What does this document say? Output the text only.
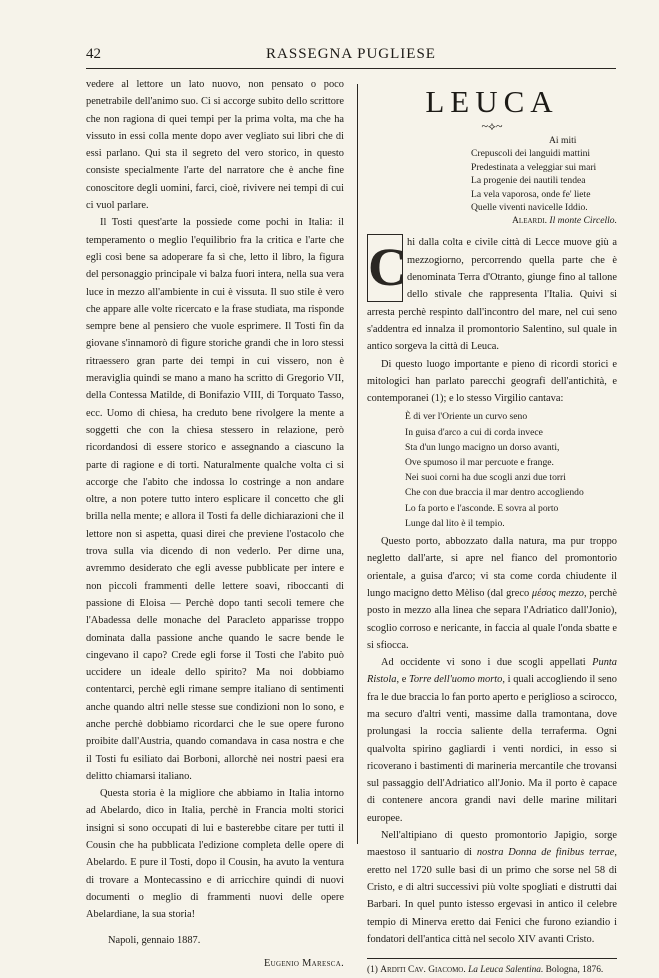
42	RASSEGNA PUGLIESE

vedere al lettore un lato nuovo, non pensato o poco penetrabile dell'animo suo. Ci si accorge subito dello scrittore che non ragiona di quei tempi per la prima volta, ma che ha vissuto in essi colla mente dopo aver vegliato sui libri che di essi parlano. Qui sta il segreto del vero storico, in questo consiste specialmente l'arte del narratore che è anche fine conoscitore degli uomini, farci, cioè, rivivere nei tempi di cui ci vuol parlare.

Il Tosti quest'arte la possiede come pochi in Italia: il temperamento o meglio l'equilibrio fra la critica e l'arte che egli così bene sa adoperare fa sì che, letto il libro, la figura del personaggio principale vi balza fuori intera, nella sua vera luce in mezzo all'ambiente in cui è vissuta. Il suo stile è vero che appare alle volte ricercato e la frase studiata, ma risponde sempre bene al pensiero che vuole esprimere. Il Tosti fin da giovane s'innamorò di figure storiche grandi che in loro stessi ritraessero gran parte dei tempi in cui vissero, non è meraviglia quindi se mano a mano ha scritto di Gregorio VII, della Contessa Matilde, di Bonifazio VIII, di Torquato Tasso, ecc. Uomo di chiesa, ha creduto bene rivolgere la mente a soggetti che con la chiesa stessero in relazione, però ricordandosi di essere storico e assegnando a ciascuno la parte di ragione e di torti. Naturalmente qualche volta ci si accorge che l'abito che indossa lo costringe a non andare oltre, a non potere tutto intero esplicare il concetto che gli brilla nella mente; e allora il Tosti fa delle dichiarazioni che il lettore non si aspetta, quasi direi che previene l'ostacolo che trova sulla via dicendo di non vederlo. Per dirne una, avremmo desiderato che egli avesse pubblicate per intere e non piccoli frammenti delle lettere soavi, riboccanti di passione di Eloisa — Perchè dopo tanti secoli temere che l'Abadessa delle monache del Paracleto apparisse troppo dominata dalla passione anche quando le sacre bende le cingevano il capo? Crede egli forse il Tosti che l'abito può uccidere un ideale dello spirito? Ma noi dobbiamo contentarci, perchè egli rimane sempre italiano di sentimenti anche quando altri nelle stesse sue condizioni non lo sono, e anche perchè dobbiamo ricordarci che le sue opere furono proibite dall'Austria, quando comandava in casa nostra e che il Tosti fu esiliato dai Borboni, allorchè nei nostri paesi era delitto chiamarsi italiano.

Questa storia è la migliore che abbiamo in Italia intorno ad Abelardo, dico in Italia, perchè in Francia molti storici insigni si sono occupati di lui e basterebbe citare per tutti il Cousin che ha pubblicata l'edizione completa delle opere di Abelardo. E pure il Tosti, dopo il Cousin, ha avuto la ventura di trovare a Montecassino e di arricchire quindi di nuovi documenti o meglio di frammenti nuovi delle opere Abelardiane, la sua storia!

Napoli, gennaio 1887.

Eugenio Maresca.

LEUCA

~⟡~

Ai miti
Crepuscoli dei languidi mattini
Predestinata a veleggiar sui mari
La progenie dei nautili tendea
La vela vaporosa, onde fe' liete
Quelle viventi navicelle Iddio.

Aleardi. Il monte Circello.

C hi dalla colta e civile città di Lecce muove giù a mezzogiorno, percorrendo quella parte che è denominata Terra d'Otranto, giunge fino al tallone dello stivale che rappresenta l'Italia. Quivi si arresta perchè respinto dall'incontro del mare, nel cui seno s'addentra ed innalza il promontorio Salentino, sul quale in antico sorgeva la città di Leuca.

Di questo luogo importante e pieno di ricordi storici e mitologici han parlato parecchi geografi dell'antichità, e contemporanei (1); e lo stesso Virgilio cantava:

È di ver l'Oriente un curvo seno
In guisa d'arco a cui di corda invece
Sta d'un lungo macigno un dorso avanti,
Ove spumoso il mar percuote e frange.
Nei suoi corni ha due scogli anzi due torri
Che con due braccia il mar dentro accogliendo
Lo fa porto e l'asconde. E sovra al porto
Lunge dal lito è il tempio.

Questo porto, abbozzato dalla natura, ma pur troppo negletto dall'arte, si apre nel fianco del promontorio orientale, a guisa d'arco; vi sta come corda chiudente il lungo macigno detto Mèliso (dal greco μέσος mezzo, perchè posto in mezzo alla linea che separa l'Adriatico dall'Jonio), scoglio corroso e nericante, in faccia al quale l'onda sbatte e si sfiocca.

Ad occidente vi sono i due scogli appellati Punta Ristola, e Torre dell'uomo morto, i quali accogliendo il seno fra le due braccia lo fan porto aperto e periglioso a scirocco, ma securo d'altri venti, massime dalla tramontana, dove prolungasi la roccia saliente della terraferma. Ogni qualvolta spirino gagliardi i venti nordici, in esso si ricoverano i bastimenti di marineria mercantile che trovansi sul passaggio dell'Adriatico all'Jonio. Ma il porto è capace di contenere ancora grandi navi delle marine militari europee.

Nell'altipiano di questo promontorio Japigio, sorge maestoso il santuario di nostra Donna de finibus terrae, eretto nel 1720 sulle basi di un primo che sorse nel 58 di Cristo, e di altri successivi più volte spogliati e distrutti dai Barbari. In quel punto istesso ergevasi in antico il celebre tempio di Minerva eretto dai Fenici che furono eziandio i fondatori dell'antica città nel secolo XIV avanti Cristo.

(1) Arditi Cav. Giacomo. La Leuca Salentina. Bologna, 1876.
